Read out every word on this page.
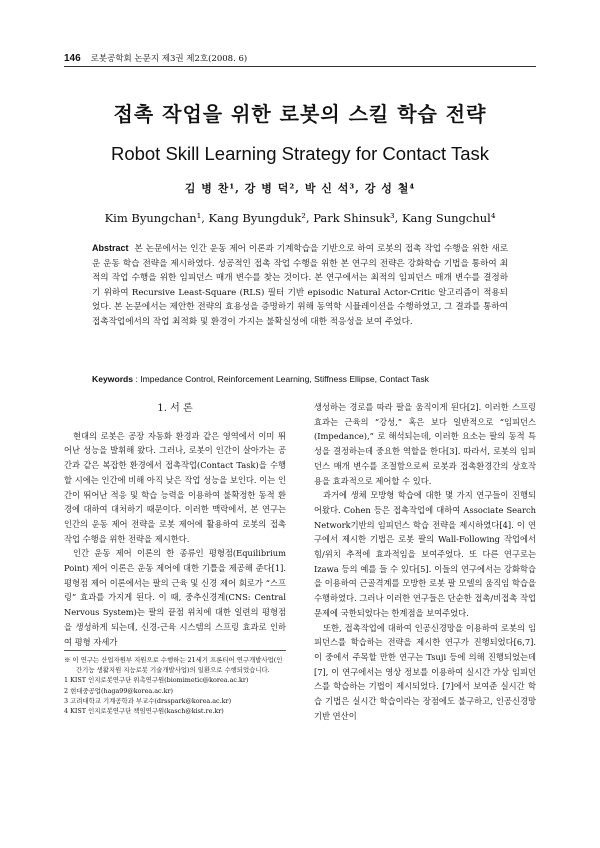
146 로봇공학회 논문지 제3권 제2호(2008. 6)
접촉 작업을 위한 로봇의 스킬 학습 전략
Robot Skill Learning Strategy for Contact Task
김 병 찬¹, 강 병 덕², 박 신 석³, 강 성 철⁴
Kim Byungchan¹, Kang Byungduk², Park Shinsuk³, Kang Sungchul⁴
Abstract 본 논문에서는 인간 운동 제어 이론과 기계학습을 기반으로 하여 로봇의 접촉 작업 수행을 위한 새로운 운동 학습 전략을 제시하였다. 성공적인 접촉 작업 수행을 위한 본 연구의 전략은 강화학습 기법을 통하여 최적의 작업 수행을 위한 임피던스 매개 변수를 찾는 것이다. 본 연구에서는 최적의 임피던스 매개 변수를 결정하기 위하여 Recursive Least-Square (RLS) 필터 기반 episodic Natural Actor-Critic 알고리즘이 적용되었다. 본 논문에서는 제안한 전략의 효용성을 증명하기 위해 동역학 시뮬레이션을 수행하였고, 그 결과를 통하여 접촉작업에서의 작업 최적화 및 환경이 가지는 불확실성에 대한 적응성을 보여 주었다.
Keywords : Impedance Control, Reinforcement Learning, Stiffness Ellipse, Contact Task
1. 서 론

현대의 로봇은 공장 자동화 환경과 같은 영역에서 이미 뛰어난 성능을 발휘해 왔다. 그러나, 로봇이 인간이 살아가는 공간과 같은 복잡한 환경에서 접촉작업(Contact Task)을 수행할 시에는 인간에 비해 아직 낮은 작업 성능을 보인다. 이는 인간이 뛰어난 적응 및 학습 능력을 이용하여 불확정한 동적 환경에 대하여 대처하기 때문이다. 이러한 맥락에서, 본 연구는 인간의 운동 제어 전략을 로봇 제어에 활용하여 로봇의 접촉 작업 수행을 위한 전략을 제시한다.

인간 운동 제어 이론의 한 종류인 평형점(Equilibrium Point) 제어 이론은 운동 제어에 대한 기틀을 제공해 준다[1]. 평형점 제어 이론에서는 팔의 근육 및 신경 제어 회로가 “스프링” 효과를 가지게 된다. 이 때, 중추신경계(CNS: Central Nervous System)는 팔의 끝점 위치에 대한 일련의 평형점을 생성하게 되는데, 신경-근육 시스템의 스프링 효과로 인하여 평형 자세가

※ 이 연구는 산업자원부 지원으로 수행하는 21세기 프론티어 연구개발사업(인간기능 생활지원 지능로봇 기술개발사업)의 일환으로 수행되었습니다.

1 KIST 인지로봇연구단 위촉연구원(biomimetic@korea.ac.kr)

2 현대중공업(haga99@korea.ac.kr)

3 고려대학교 기계공학과 부교수(drsspark@korea.ac.kr)

4 KIST 인지로봇연구단 책임연구원(kasch@kist.re.kr)

생성하는 경로를 따라 팔을 움직이게 된다[2]. 이러한 스프링 효과는 근육의 “강성,” 혹은 보다 일반적으로 “임피던스(Impedance),” 로 해석되는데, 이러한 요소는 팔의 동적 특성을 결정하는데 중요한 역할을 한다[3]. 따라서, 로봇의 임피던스 매개 변수를 조절함으로써 로봇과 접촉환경간의 상호작용을 효과적으로 제어할 수 있다.

과거에 생체 모방형 학습에 대한 몇 가지 연구들이 진행되어왔다. Cohen 등은 접촉작업에 대하여 Associate Search Network기반의 임피던스 학습 전략을 제시하였다[4]. 이 연구에서 제시한 기법은 로봇 팔의 Wall-Following 작업에서 힘/위치 추적에 효과적임을 보여주었다. 또 다른 연구로는 Izawa 등의 예를 들 수 있다[5]. 이들의 연구에서는 강화학습을 이용하여 근골격계를 모방한 로봇 팔 모델의 움직임 학습을 수행하였다. 그러나 이러한 연구들은 단순한 접촉/비접촉 작업 문제에 국한되었다는 한계점을 보여주었다.

또한, 접촉작업에 대하여 인공신경망을 이용하여 로봇의 임피던스를 학습하는 전략을 제시한 연구가 진행되었다[6,7]. 이 중에서 주목할 만한 연구는 Tsuji 등에 의해 진행되었는데[7], 이 연구에서는 영상 정보를 이용하여 실시간 가상 임피던스를 학습하는 기법이 제시되었다. [7]에서 보여준 실시간 학습 기법은 실시간 학습이라는 장점에도 불구하고, 인공신경망 기반 연산이
